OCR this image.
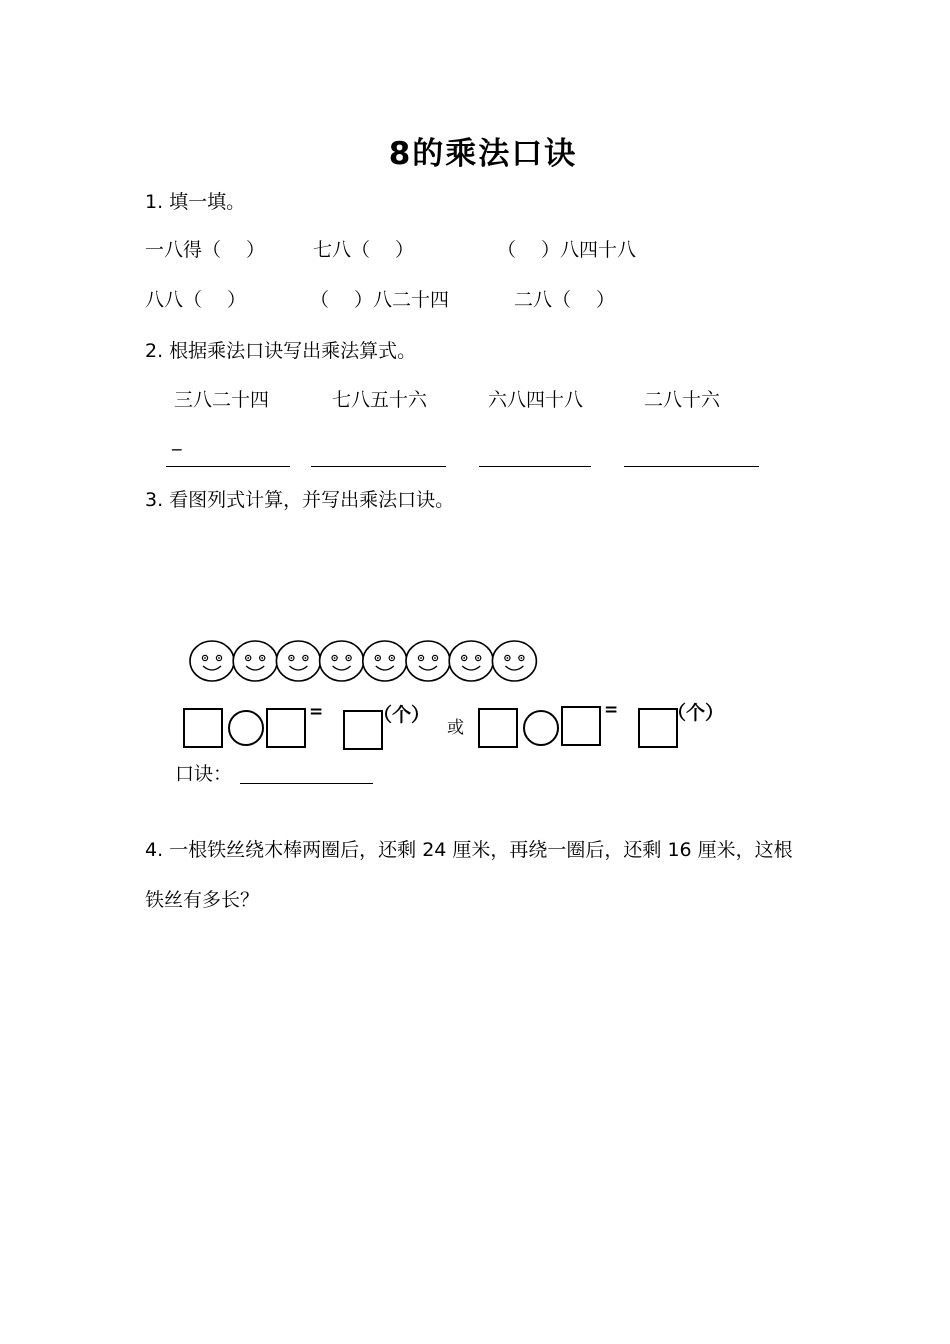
8的乘法口诀
1. 填一填。
一八得（　 ）	七八（　 ）	（　 ）八四十八
八八（　 ）	（　 ）八二十四	二八（　 ）
2. 根据乘法口诀写出乘法算式。
三八二十四	七八五十六	六八四十八	二八十六
_
3. 看图列式计算，并写出乘法口诀。
=	（个）
或
=	（个）
口诀：
4. 一根铁丝绕木棒两圈后，还剩 24 厘米，再绕一圈后，还剩 16 厘米，这根铁丝有多长？
